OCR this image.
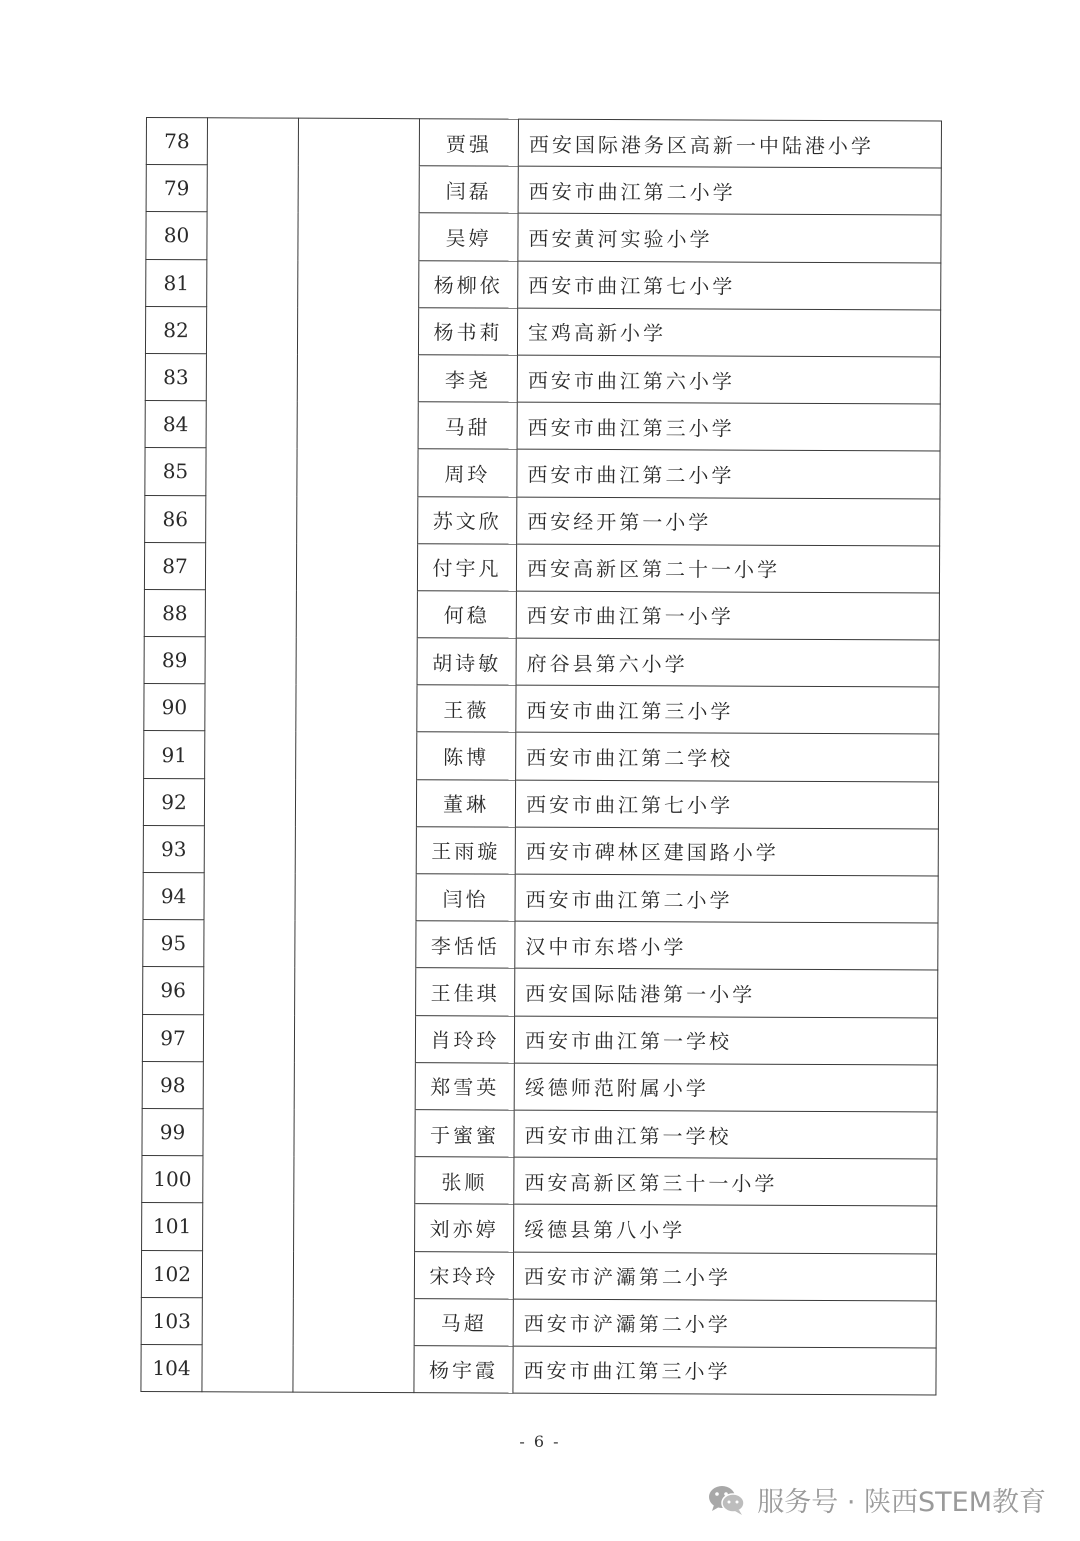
78			贾强	西安国际港务区高新一中陆港小学
79			闫磊	西安市曲江第二小学
80			吴婷	西安黄河实验小学
81			杨柳依	西安市曲江第七小学
82			杨书莉	宝鸡高新小学
83			李尧	西安市曲江第六小学
84			马甜	西安市曲江第三小学
85			周玲	西安市曲江第二小学
86			苏文欣	西安经开第一小学
87			付宇凡	西安高新区第二十一小学
88			何稳	西安市曲江第一小学
89			胡诗敏	府谷县第六小学
90			王薇	西安市曲江第三小学
91			陈博	西安市曲江第二学校
92			董琳	西安市曲江第七小学
93			王雨璇	西安市碑林区建国路小学
94			闫怡	西安市曲江第二小学
95			李恬恬	汉中市东塔小学
96			王佳琪	西安国际陆港第一小学
97			肖玲玲	西安市曲江第一学校
98			郑雪英	绥德师范附属小学
99			于蜜蜜	西安市曲江第一学校
100			张顺	西安高新区第三十一小学
101			刘亦婷	绥德县第八小学
102			宋玲玲	西安市浐灞第二小学
103			马超	西安市浐灞第二小学
104			杨宇霞	西安市曲江第三小学
- 6 -
服务号 · 陕西STEM教育
